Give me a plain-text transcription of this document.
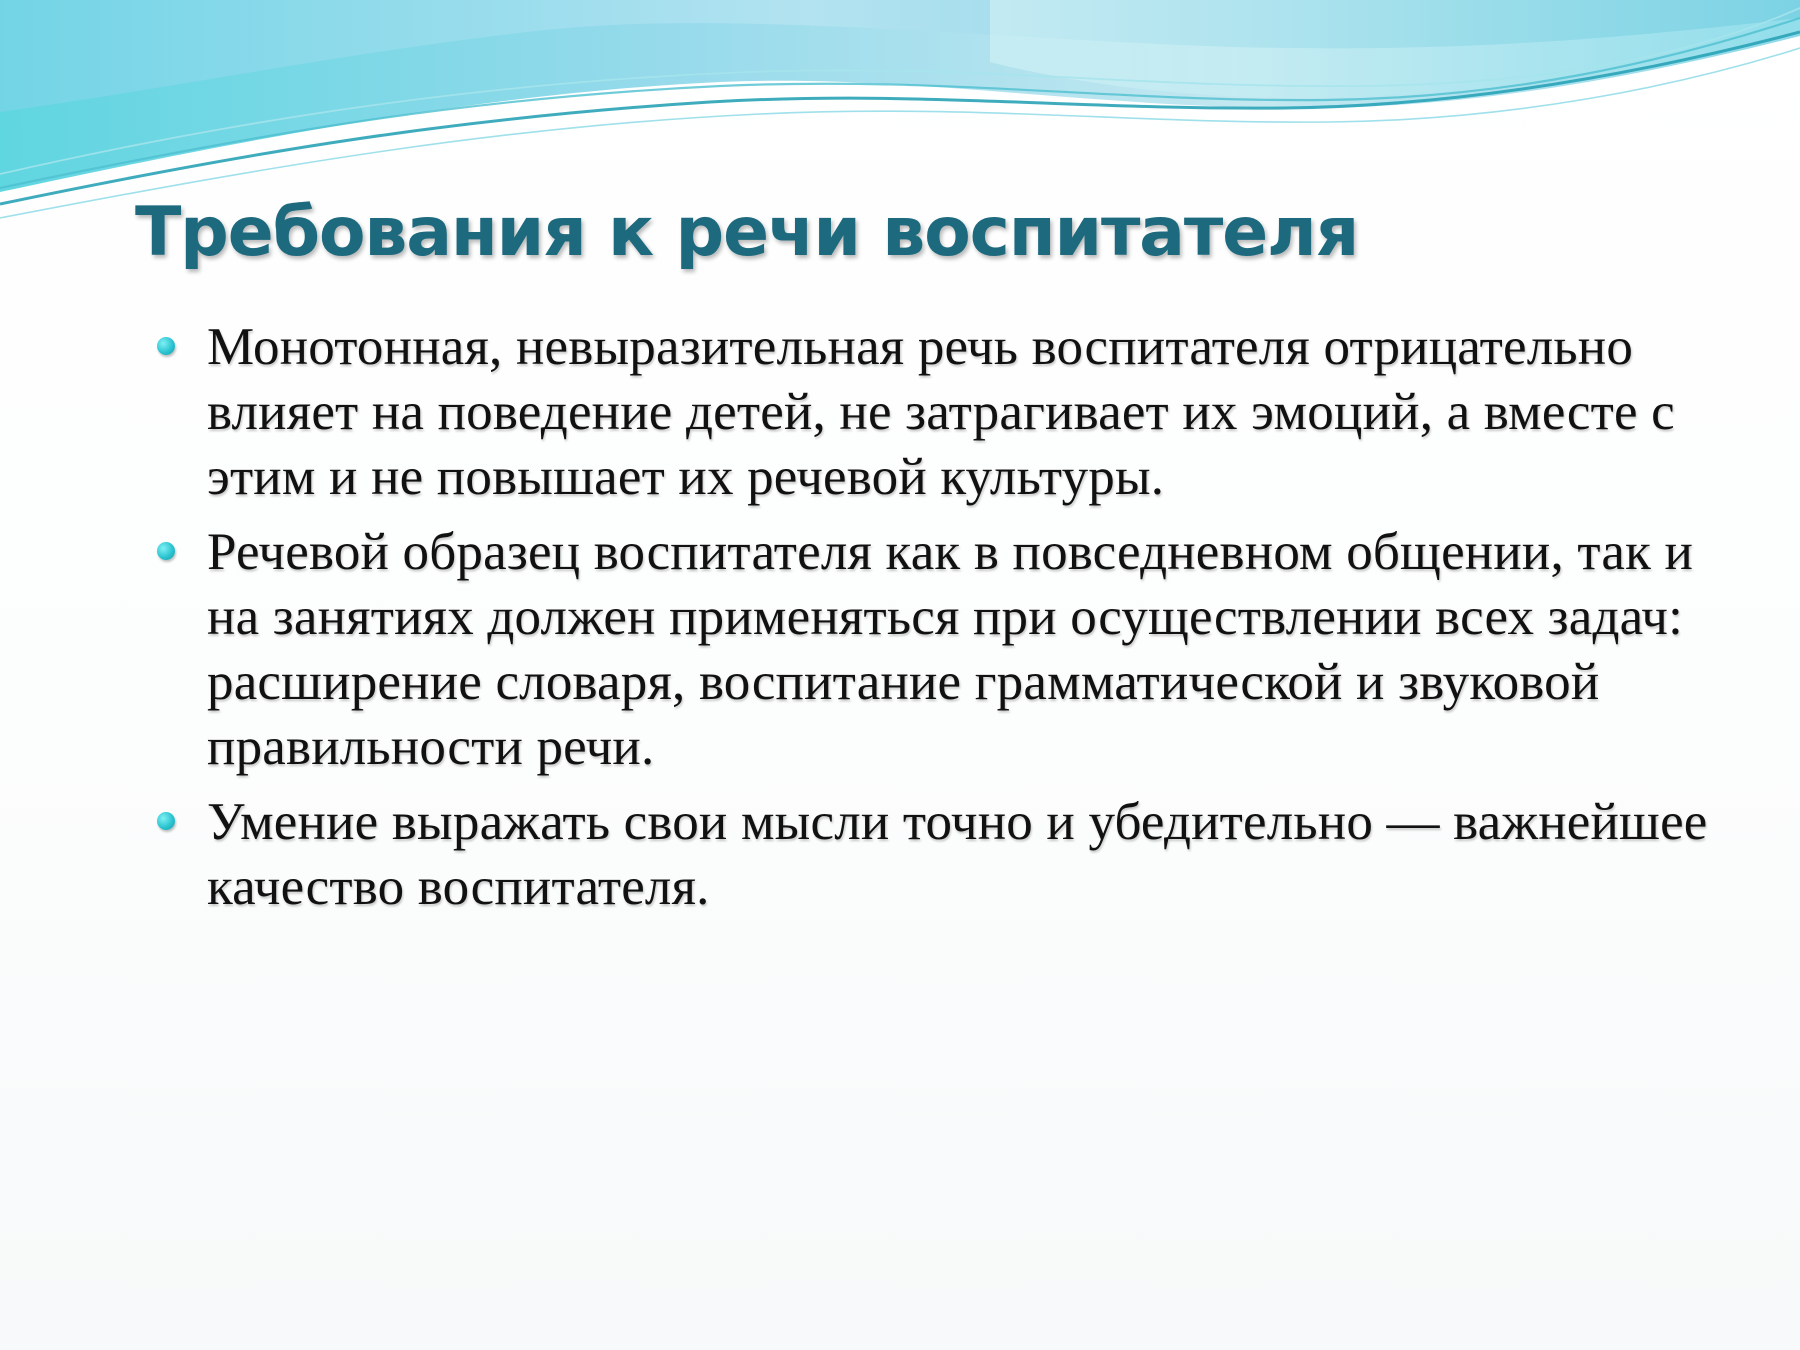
Требования к речи воспитателя
Монотонная, невыразительная речь воспитателя отрицательно влияет на поведение детей, не затрагивает их эмоций, а вместе с этим и не повышает их речевой культуры.
Речевой образец воспитателя как в повседневном общении, так и на занятиях должен применяться при осуществлении всех задач: расширение словаря, воспитание грамматической и звуковой правильности речи.
Умение выражать свои мысли точно и убедительно — важнейшее качество воспитателя.
